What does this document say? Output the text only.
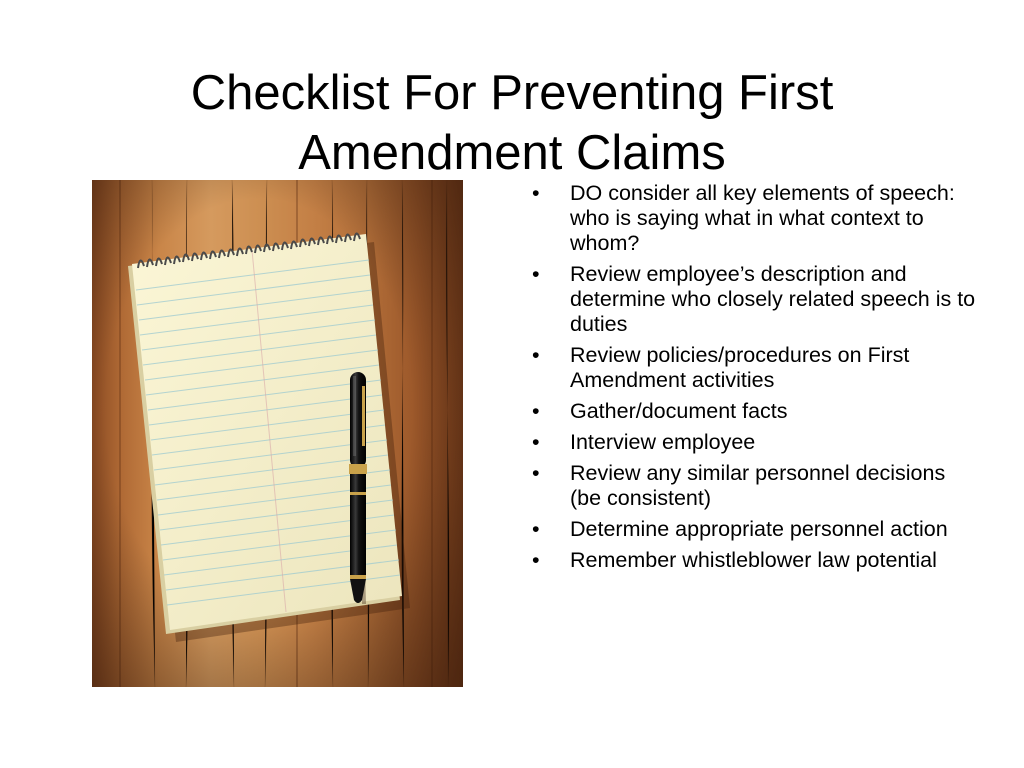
Checklist For Preventing First
Amendment Claims
• DO consider all key elements of speech: who is saying what in what context to whom?
• Review employee’s description and determine who closely related speech is to duties
• Review policies/procedures on First Amendment activities
• Gather/document facts
• Interview employee
• Review any similar personnel decisions (be consistent)
• Determine appropriate personnel action
• Remember whistleblower law potential
